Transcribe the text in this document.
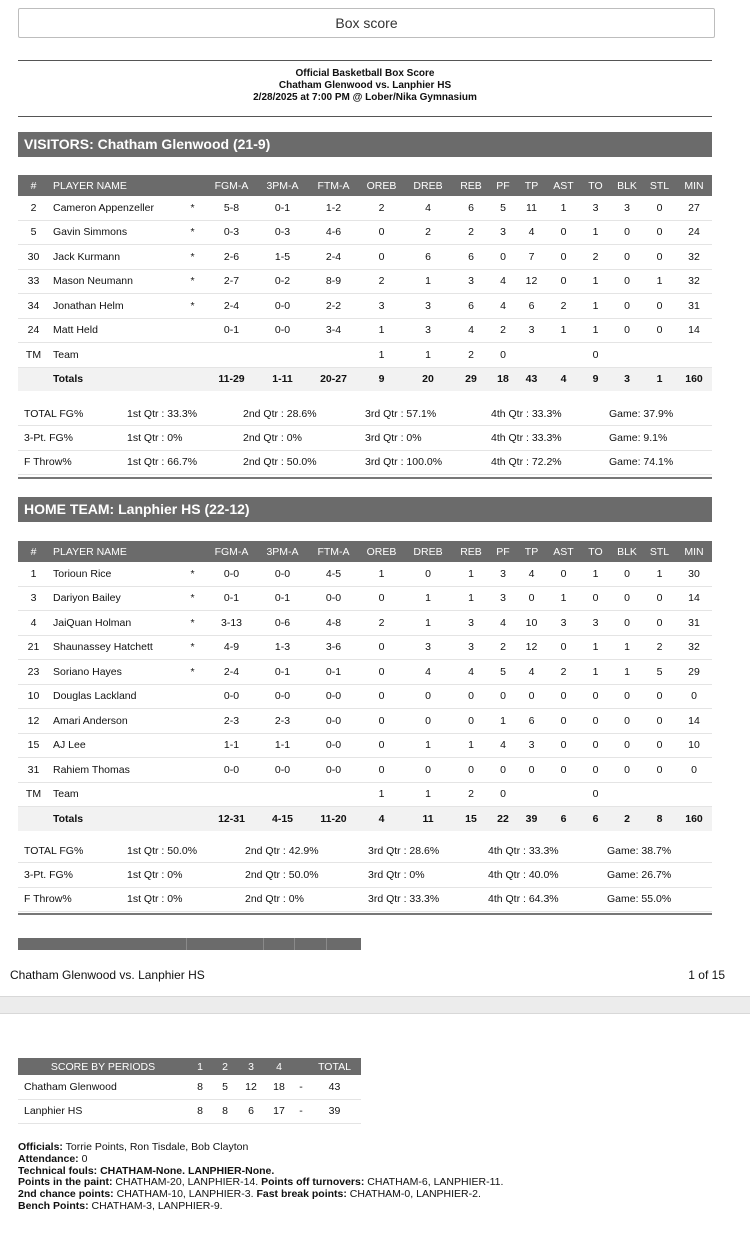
Box score
Official Basketball Box Score
Chatham Glenwood vs. Lanphier HS
2/28/2025 at 7:00 PM @ Lober/Nika Gymnasium
VISITORS: Chatham Glenwood (21-9)
#	PLAYER NAME		FGM-A	3PM-A	FTM-A	OREB	DREB	REB	PF	TP	AST	TO	BLK	STL	MIN
2	Cameron Appenzeller	*	5-8	0-1	1-2	2	4	6	5	11	1	3	3	0	27
5	Gavin Simmons	*	0-3	0-3	4-6	0	2	2	3	4	0	1	0	0	24
30	Jack Kurmann	*	2-6	1-5	2-4	0	6	6	0	7	0	2	0	0	32
33	Mason Neumann	*	2-7	0-2	8-9	2	1	3	4	12	0	1	0	1	32
34	Jonathan Helm	*	2-4	0-0	2-2	3	3	6	4	6	2	1	0	0	31
24	Matt Held		0-1	0-0	3-4	1	3	4	2	3	1	1	0	0	14
TM	Team					1	1	2	0			0			
	Totals		11-29	1-11	20-27	9	20	29	18	43	4	9	3	1	160
TOTAL FG%	1st Qtr : 33.3%	2nd Qtr : 28.6%	3rd Qtr : 57.1%	4th Qtr : 33.3%	Game: 37.9%
3-Pt. FG%	1st Qtr : 0%	2nd Qtr : 0%	3rd Qtr : 0%	4th Qtr : 33.3%	Game: 9.1%
F Throw%	1st Qtr : 66.7%	2nd Qtr : 50.0%	3rd Qtr : 100.0%	4th Qtr : 72.2%	Game: 74.1%
HOME TEAM: Lanphier HS (22-12)
#	PLAYER NAME		FGM-A	3PM-A	FTM-A	OREB	DREB	REB	PF	TP	AST	TO	BLK	STL	MIN
1	Torioun Rice	*	0-0	0-0	4-5	1	0	1	3	4	0	1	0	1	30
3	Dariyon Bailey	*	0-1	0-1	0-0	0	1	1	3	0	1	0	0	0	14
4	JaiQuan Holman	*	3-13	0-6	4-8	2	1	3	4	10	3	3	0	0	31
21	Shaunassey Hatchett	*	4-9	1-3	3-6	0	3	3	2	12	0	1	1	2	32
23	Soriano Hayes	*	2-4	0-1	0-1	0	4	4	5	4	2	1	1	5	29
10	Douglas Lackland		0-0	0-0	0-0	0	0	0	0	0	0	0	0	0	0
12	Amari Anderson		2-3	2-3	0-0	0	0	0	1	6	0	0	0	0	14
15	AJ Lee		1-1	1-1	0-0	0	1	1	4	3	0	0	0	0	10
31	Rahiem Thomas		0-0	0-0	0-0	0	0	0	0	0	0	0	0	0	0
TM	Team					1	1	2	0			0			
	Totals		12-31	4-15	11-20	4	11	15	22	39	6	6	2	8	160
TOTAL FG%	1st Qtr : 50.0%	2nd Qtr : 42.9%	3rd Qtr : 28.6%	4th Qtr : 33.3%	Game: 38.7%
3-Pt. FG%	1st Qtr : 0%	2nd Qtr : 50.0%	3rd Qtr : 0%	4th Qtr : 40.0%	Game: 26.7%
F Throw%	1st Qtr : 0%	2nd Qtr : 0%	3rd Qtr : 33.3%	4th Qtr : 64.3%	Game: 55.0%
Chatham Glenwood vs. Lanphier HS	1 of 15
SCORE BY PERIODS	1	2	3	4		TOTAL
Chatham Glenwood	8	5	12	18	-	43
Lanphier HS	8	8	6	17	-	39
Officials: Torrie Points, Ron Tisdale, Bob Clayton
Attendance: 0
Technical fouls: CHATHAM-None. LANPHIER-None.
Points in the paint: CHATHAM-20, LANPHIER-14. Points off turnovers: CHATHAM-6, LANPHIER-11.
2nd chance points: CHATHAM-10, LANPHIER-3. Fast break points: CHATHAM-0, LANPHIER-2.
Bench Points: CHATHAM-3, LANPHIER-9.
